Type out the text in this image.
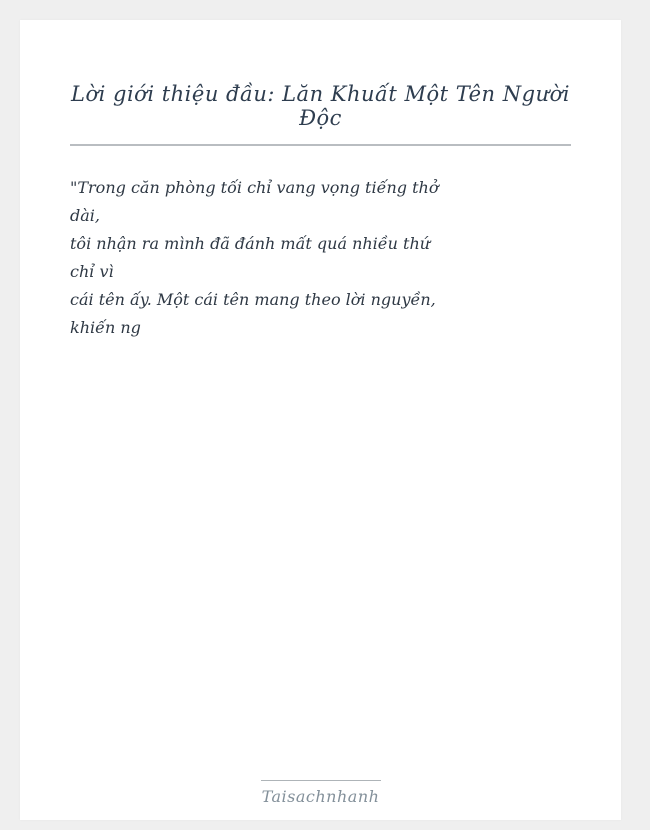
Lời giới thiệu đầu: Lăn Khuất Một Tên Người Độc

"Trong căn phòng tối chỉ vang vọng tiếng thở

dài,

tôi nhận ra mình đã đánh mất quá nhiều thứ

chỉ vì

cái tên ấy. Một cái tên mang theo lời nguyền,

khiến ng

Taisachnhanh
